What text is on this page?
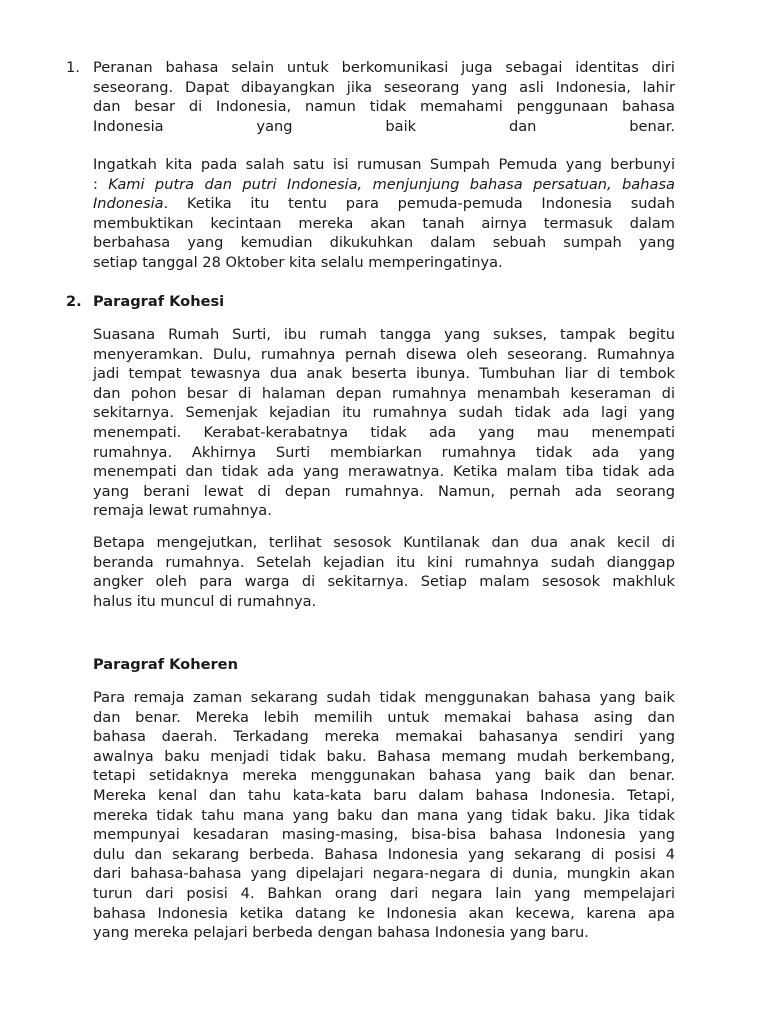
1. Peranan bahasa selain untuk berkomunikasi juga sebagai identitas diri
seseorang. Dapat dibayangkan jika seseorang yang asli Indonesia, lahir
dan besar di Indonesia, namun tidak memahami penggunaan bahasa
Indonesia yang baik dan benar.
Ingatkah kita pada salah satu isi rumusan Sumpah Pemuda yang berbunyi
: Kami putra dan putri Indonesia, menjunjung bahasa persatuan, bahasa
Indonesia. Ketika itu tentu para pemuda-pemuda Indonesia sudah
membuktikan kecintaan mereka akan tanah airnya termasuk dalam
berbahasa yang kemudian dikukuhkan dalam sebuah sumpah yang
setiap tanggal 28 Oktober kita selalu memperingatinya.
2. Paragraf Kohesi
Suasana Rumah Surti, ibu rumah tangga yang sukses, tampak begitu
menyeramkan. Dulu, rumahnya pernah disewa oleh seseorang. Rumahnya
jadi tempat tewasnya dua anak beserta ibunya. Tumbuhan liar di tembok
dan pohon besar di halaman depan rumahnya menambah keseraman di
sekitarnya. Semenjak kejadian itu rumahnya sudah tidak ada lagi yang
menempati. Kerabat-kerabatnya tidak ada yang mau menempati
rumahnya. Akhirnya Surti membiarkan rumahnya tidak ada yang
menempati dan tidak ada yang merawatnya. Ketika malam tiba tidak ada
yang berani lewat di depan rumahnya. Namun, pernah ada seorang
remaja lewat rumahnya.
Betapa mengejutkan, terlihat sesosok Kuntilanak dan dua anak kecil di
beranda rumahnya. Setelah kejadian itu kini rumahnya sudah dianggap
angker oleh para warga di sekitarnya. Setiap malam sesosok makhluk
halus itu muncul di rumahnya.
Paragraf Koheren
Para remaja zaman sekarang sudah tidak menggunakan bahasa yang baik
dan benar. Mereka lebih memilih untuk memakai bahasa asing dan
bahasa daerah. Terkadang mereka memakai bahasanya sendiri yang
awalnya baku menjadi tidak baku. Bahasa memang mudah berkembang,
tetapi setidaknya mereka menggunakan bahasa yang baik dan benar.
Mereka kenal dan tahu kata-kata baru dalam bahasa Indonesia. Tetapi,
mereka tidak tahu mana yang baku dan mana yang tidak baku. Jika tidak
mempunyai kesadaran masing-masing, bisa-bisa bahasa Indonesia yang
dulu dan sekarang berbeda. Bahasa Indonesia yang sekarang di posisi 4
dari bahasa-bahasa yang dipelajari negara-negara di dunia, mungkin akan
turun dari posisi 4. Bahkan orang dari negara lain yang mempelajari
bahasa Indonesia ketika datang ke Indonesia akan kecewa, karena apa
yang mereka pelajari berbeda dengan bahasa Indonesia yang baru.
